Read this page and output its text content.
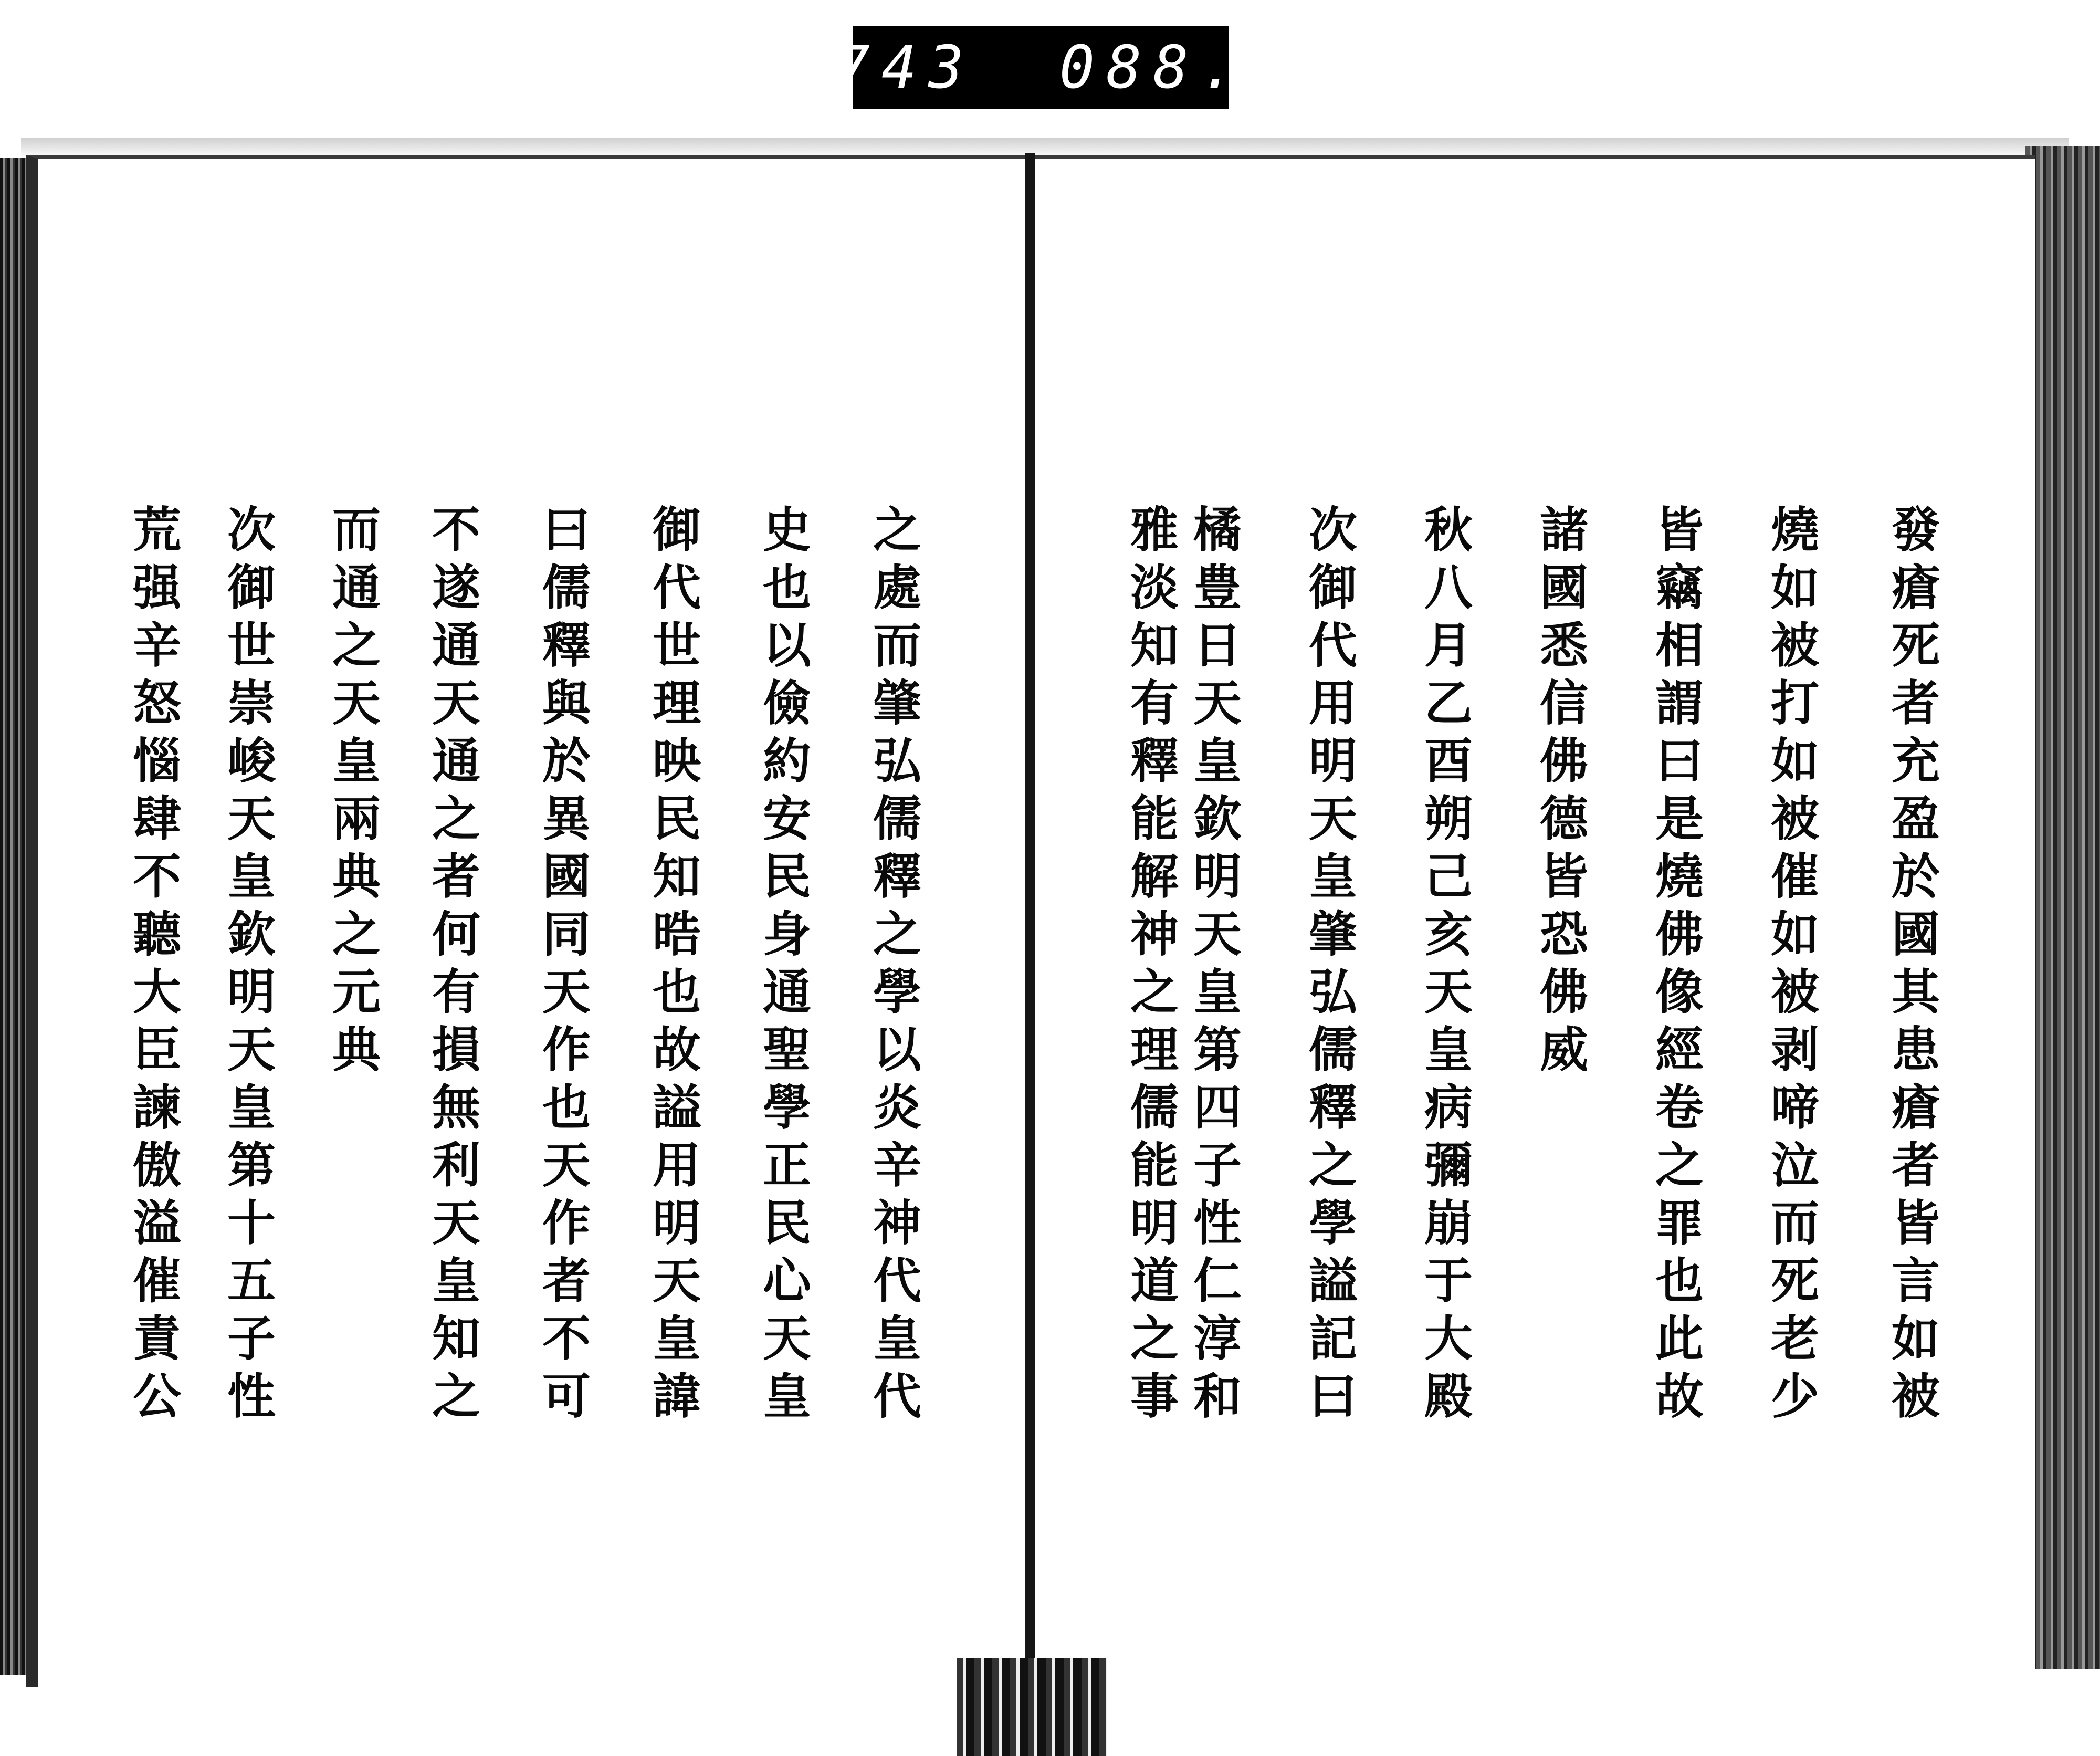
743 088.
發瘡死者充盈於國其患瘡者皆言如被
燒如被打如被催如被剥啼泣而死老少
皆竊相謂曰是燒佛像經卷之罪也此故
諸國悉信佛德皆恐佛威
秋八月乙酉朔己亥天皇病彌崩于大殿
次御代用明天皇肇弘儒釋之學謚記曰
橘豊日天皇欽明天皇第四子性仁淳和
雅淡知有釋能解神之理儒能明道之事
之處而肇弘儒釋之學以炎辛神代皇代
史也以儉約安民身通聖學正民心天皇
御代世理映民知晧也故謚用明天皇諱
曰儒釋與於異國同天作也天作者不可
不遂通天通之者何有損無利天皇知之
而通之天皇兩典之元典
次御世崇峻天皇欽明天皇第十五子性
荒强辛怒惱肆不聽大臣諫傲溢催責公
